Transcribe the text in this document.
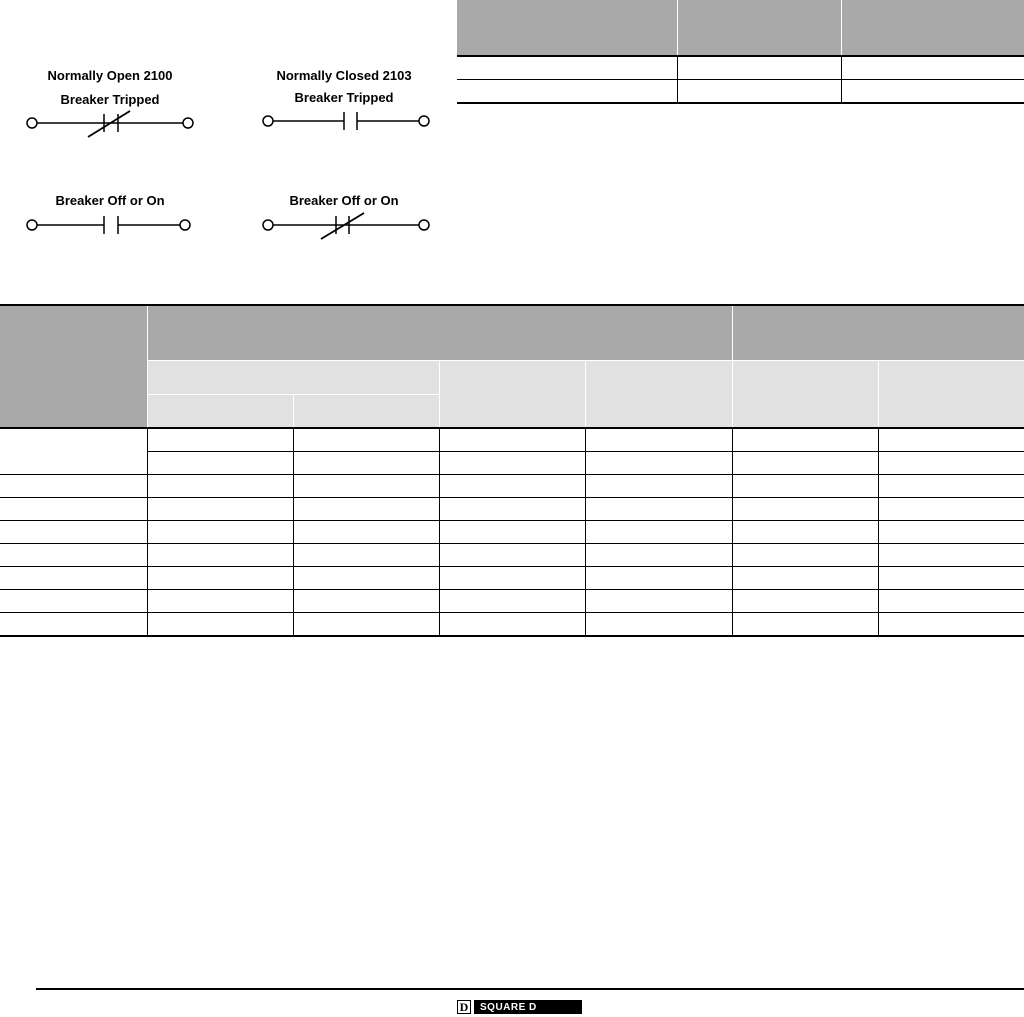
Normally Open 2100
Breaker Tripped
Normally Closed 2103
Breaker Tripped
Breaker Off or On	Breaker Off or On

D	SQUARE D
